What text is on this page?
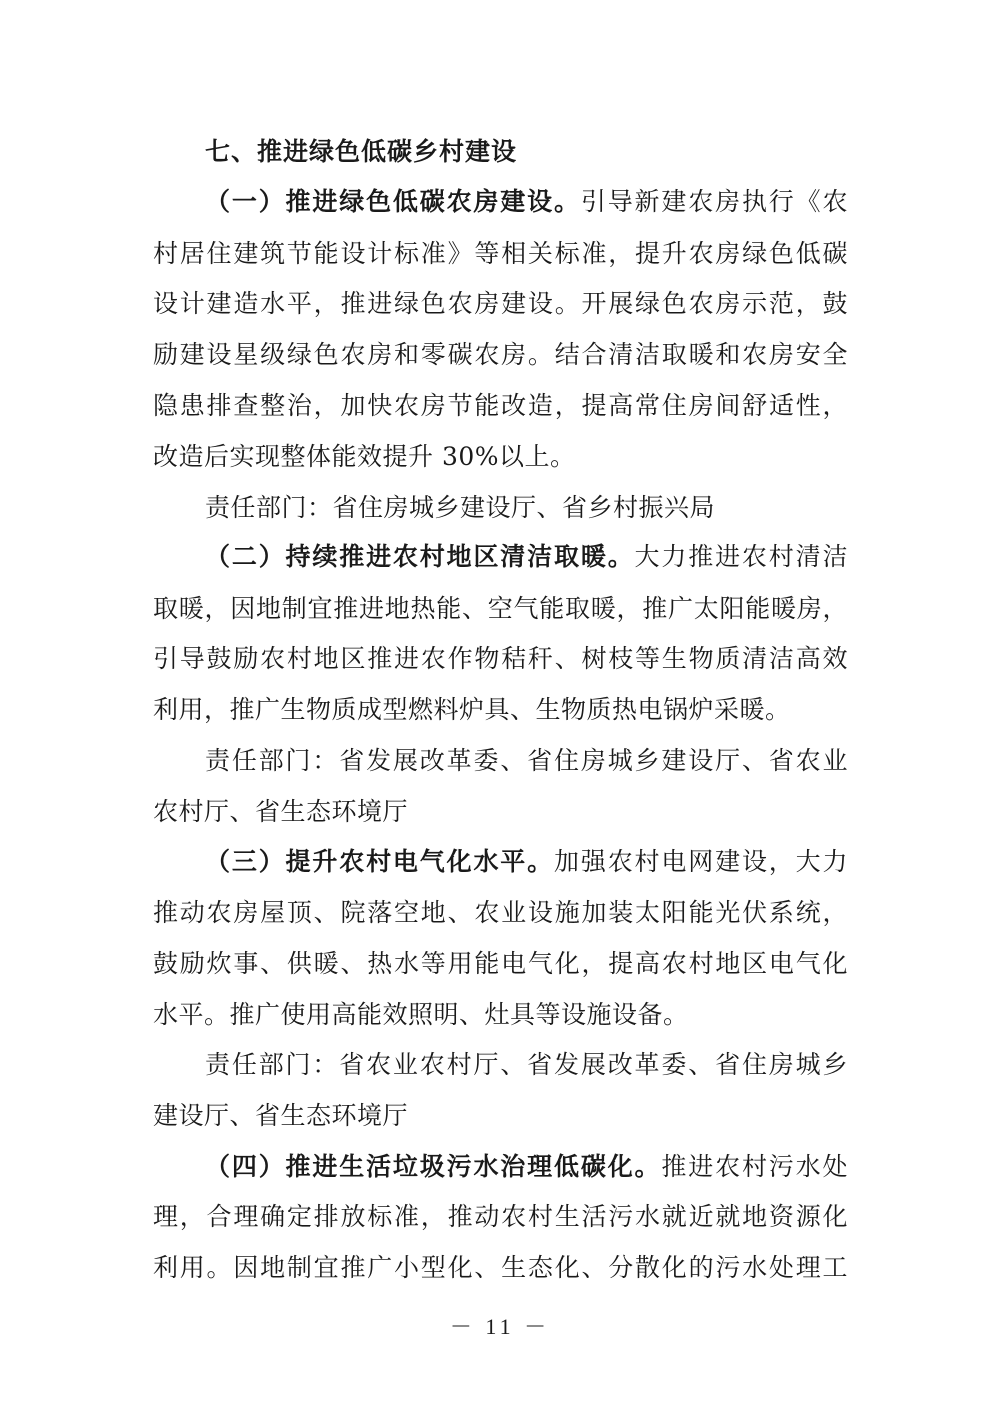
七、推进绿色低碳乡村建设
（一）推进绿色低碳农房建设。引导新建农房执行《农
村居住建筑节能设计标准》等相关标准，提升农房绿色低碳
设计建造水平，推进绿色农房建设。开展绿色农房示范，鼓
励建设星级绿色农房和零碳农房。结合清洁取暖和农房安全
隐患排查整治，加快农房节能改造，提高常住房间舒适性，
改造后实现整体能效提升 30%以上。
责任部门：省住房城乡建设厅、省乡村振兴局
（二）持续推进农村地区清洁取暖。大力推进农村清洁
取暖，因地制宜推进地热能、空气能取暖，推广太阳能暖房，
引导鼓励农村地区推进农作物秸秆、树枝等生物质清洁高效
利用，推广生物质成型燃料炉具、生物质热电锅炉采暖。
责任部门：省发展改革委、省住房城乡建设厅、省农业
农村厅、省生态环境厅
（三）提升农村电气化水平。加强农村电网建设，大力
推动农房屋顶、院落空地、农业设施加装太阳能光伏系统，
鼓励炊事、供暖、热水等用能电气化，提高农村地区电气化
水平。推广使用高能效照明、灶具等设施设备。
责任部门：省农业农村厅、省发展改革委、省住房城乡
建设厅、省生态环境厅
（四）推进生活垃圾污水治理低碳化。推进农村污水处
理，合理确定排放标准，推动农村生活污水就近就地资源化
利用。因地制宜推广小型化、生态化、分散化的污水处理工
－ 11 －
